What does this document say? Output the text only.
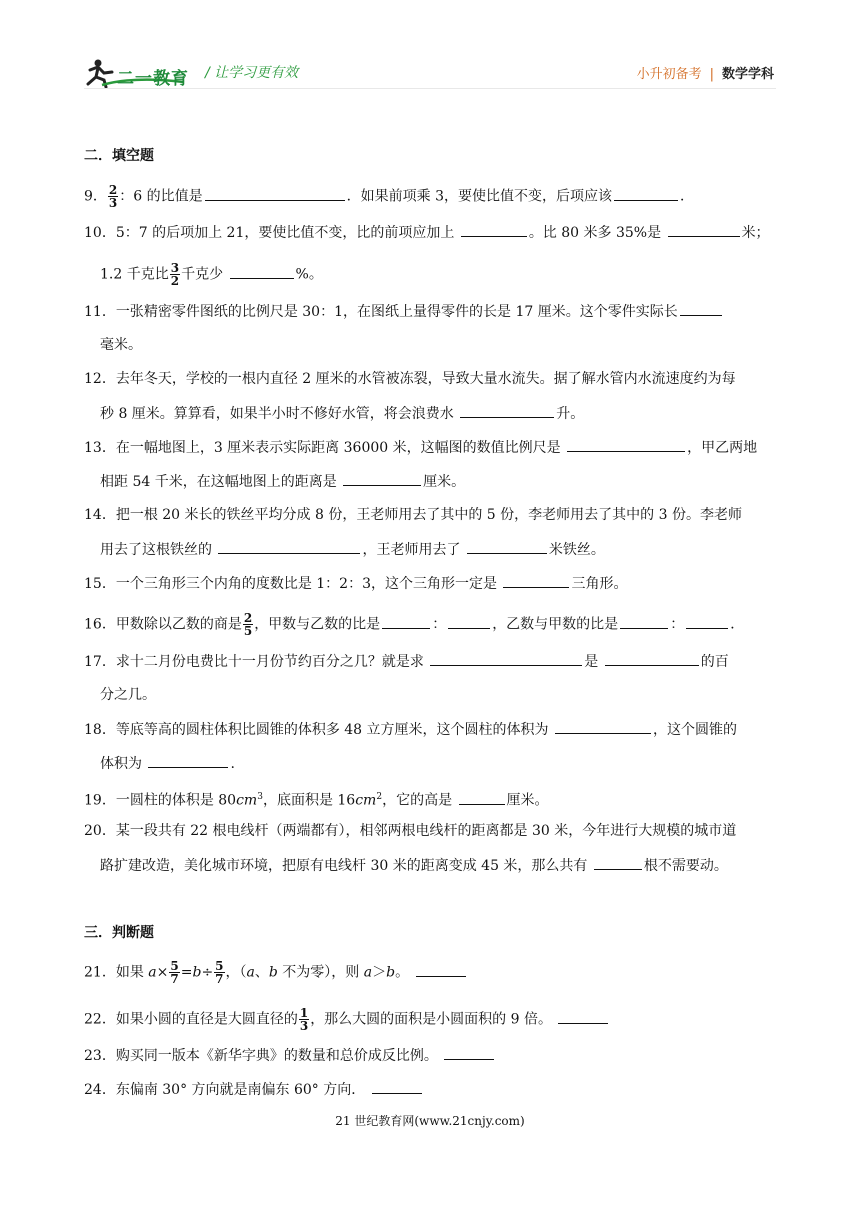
二一教育 / 让学习更有效	小升初备考 | 数学学科
二．填空题
9． $\frac{2}{3}$ ：6 的比值是	．如果前项乘 3，要使比值不变，后项应该	．
10．5：7 的后项加上 21，要使比值不变，比的前项应加上	。比 80 米多 35%是	米；
1.2 千克比 $\frac{3}{2}$ 千克少	%。
11．一张精密零件图纸的比例尺是 30：1，在图纸上量得零件的长是 17 厘米。这个零件实际长
毫米。
12．去年冬天，学校的一根内直径 2 厘米的水管被冻裂，导致大量水流失。据了解水管内水流速度约为每
秒 8 厘米。算算看，如果半小时不修好水管，将会浪费水	升。
13．在一幅地图上，3 厘米表示实际距离 36000 米，这幅图的数值比例尺是	，甲乙两地
相距 54 千米，在这幅地图上的距离是	厘米。
14．把一根 20 米长的铁丝平均分成 8 份，王老师用去了其中的 5 份，李老师用去了其中的 3 份。李老师
用去了这根铁丝的	，王老师用去了	米铁丝。
15．一个三角形三个内角的度数比是 1：2：3，这个三角形一定是	三角形。
16．甲数除以乙数的商是 $\frac{2}{5}$ ，甲数与乙数的比是	：	，乙数与甲数的比是	：	．
17．求十二月份电费比十一月份节约百分之几？就是求	是	的百
分之几。
18．等底等高的圆柱体积比圆锥的体积多 48 立方厘米，这个圆柱的体积为	，这个圆锥的
体积为	.
19．一圆柱的体积是 $80cm^3$，底面积是 $16cm^2$，它的高是	厘米。
20．某一段共有 22 根电线杆（两端都有），相邻两根电线杆的距离都是 30 米，今年进行大规模的城市道
路扩建改造，美化城市环境，把原有电线杆 30 米的距离变成 45 米，那么共有	根不需要动。
三．判断题
21．如果 $a\times \frac{5}{7} =b\div \frac{5}{7}$ ，（a、b 不为零），则 a＞b。
22．如果小圆的直径是大圆直径的 $\frac{1}{3}$ ，那么大圆的面积是小圆面积的 9 倍。
23．购买同一版本《新华字典》的数量和总价成反比例。
24．东偏南 30° 方向就是南偏东 60° 方向．
21 世纪教育网(www.21cnjy.com)
